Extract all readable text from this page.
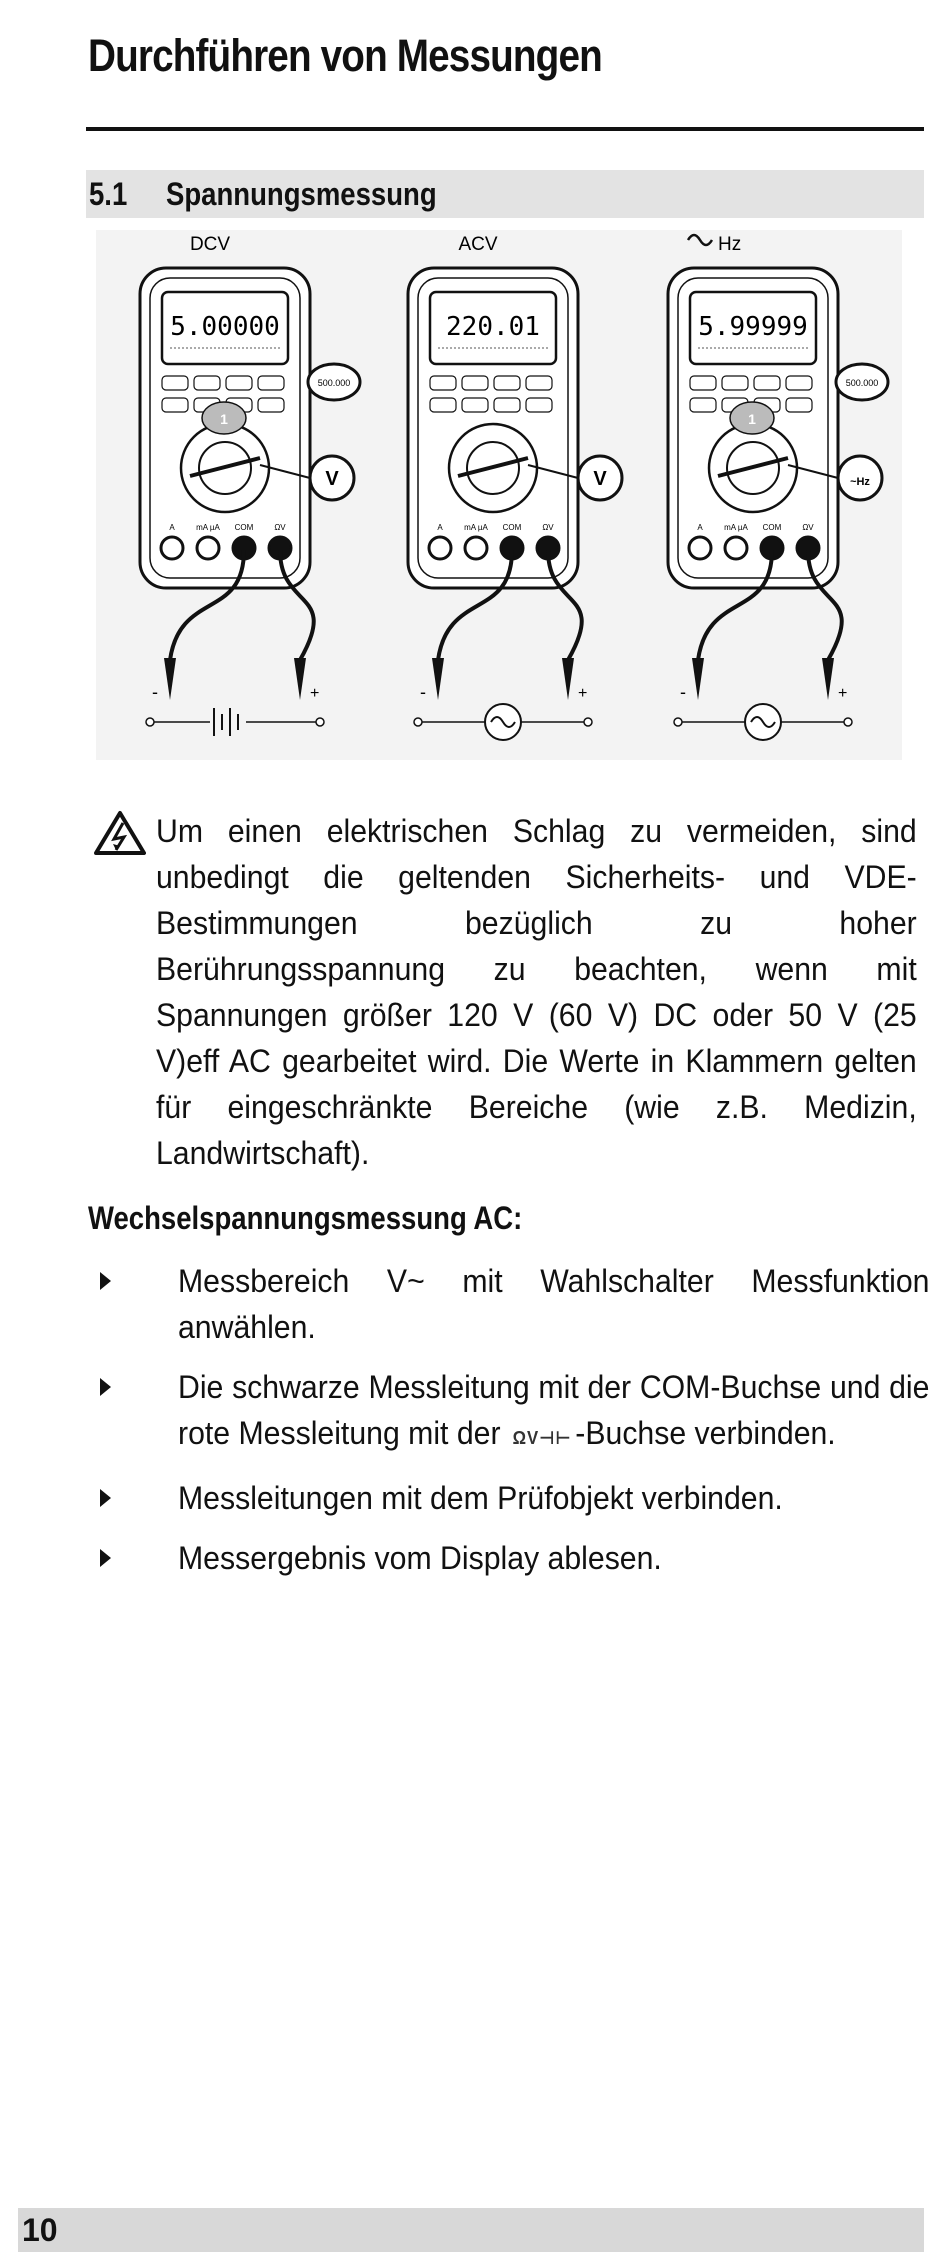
Durchführen von Messungen
5.1 Spannungsmessung
DCV
5.00000
A	mA µA COM	ΩV
-	+
V
500.000
1
ACV
220.01
A	mA µA COM	ΩV
-	+
V
Hz
5.99999
A	mA µA COM	ΩV
-	+
~Hz
500.000
1

Um einen elektrischen Schlag zu vermeiden, sind unbedingt die geltenden Sicherheits- und VDE-Bestimmungen bezüglich zu hoher Berührungsspannung zu beachten, wenn mit Spannungen größer 120 V (60 V) DC oder 50 V (25 V)eff AC gearbeitet wird. Die Werte in Klammern gelten für eingeschränkte Bereiche (wie z.B. Medizin, Landwirtschaft).

Wechselspannungsmessung AC:
Messbereich V~ mit Wahlschalter Messfunktion anwählen.
Die schwarze Messleitung mit der COM-Buchse und die rote Messleitung mit der ΩV⊣⊢ -Buchse verbinden.
Messleitungen mit dem Prüfobjekt verbinden.
Messergebnis vom Display ablesen.
10
